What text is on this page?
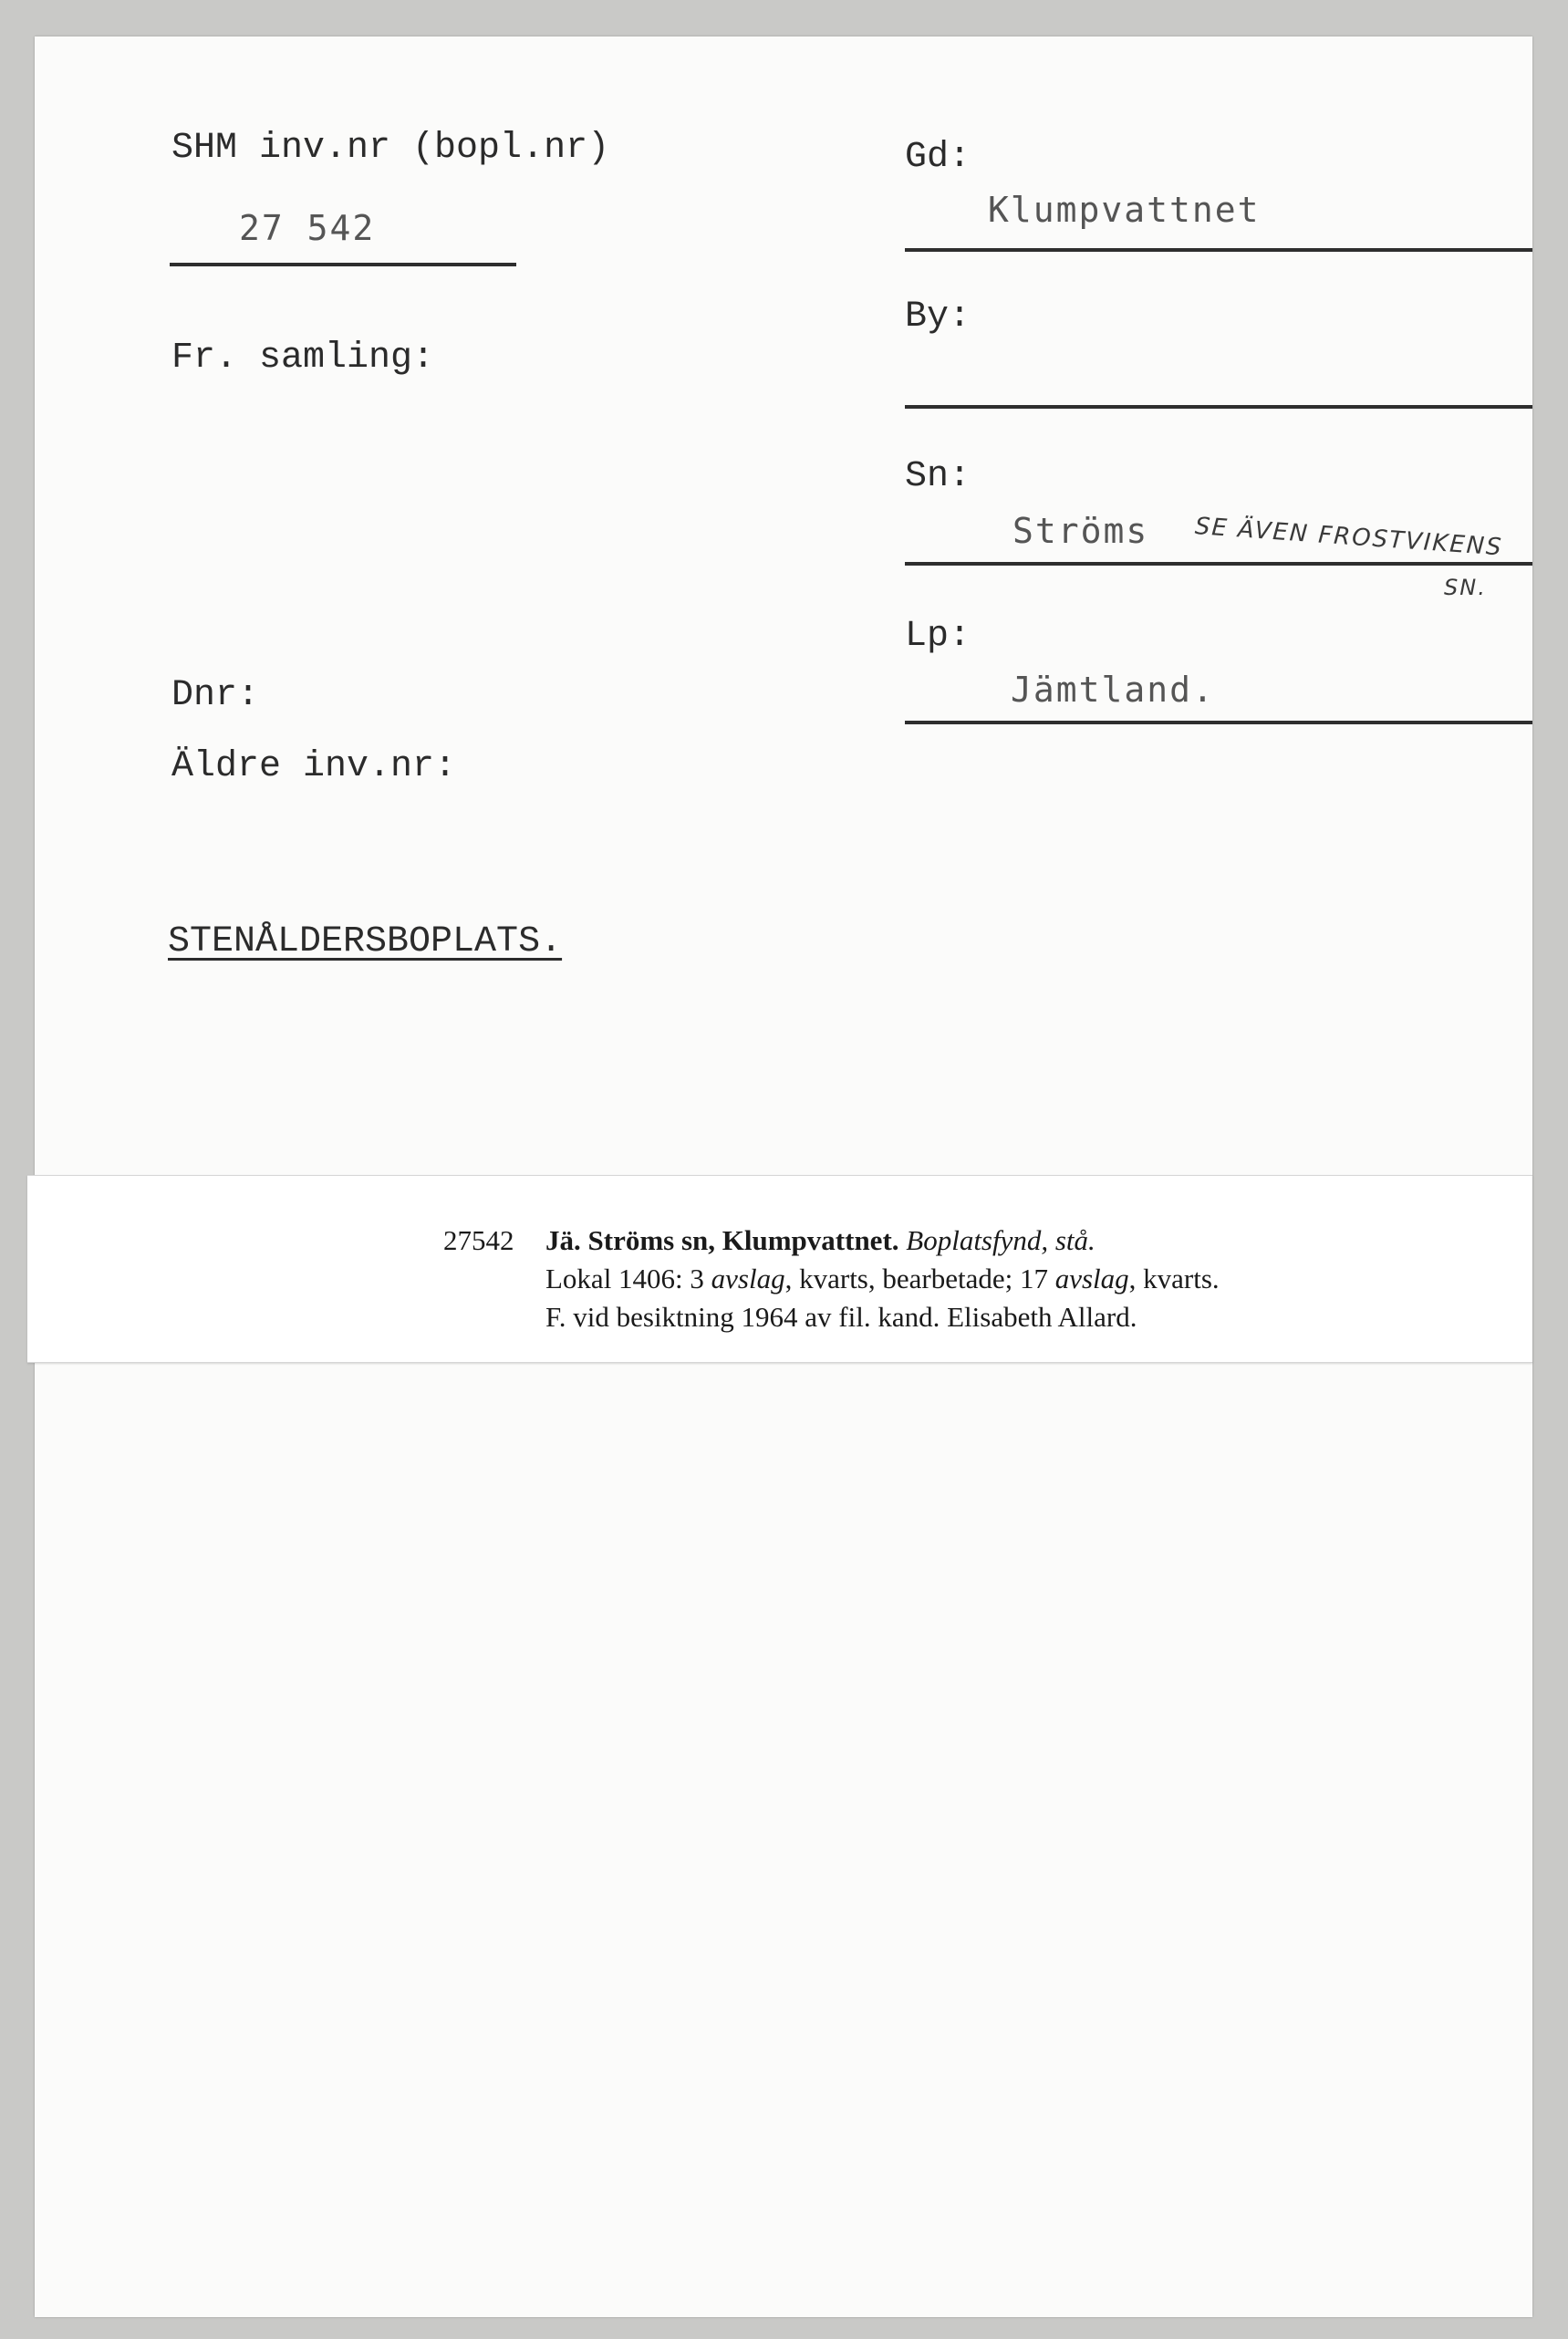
SHM inv.nr (bopl.nr)
27 542
Fr. samling:
Dnr:
Äldre inv.nr:
STENÅLDERSBOPLATS.
Gd:
Klumpvattnet
By:
Sn:
Ströms SE ÄVEN FROSTVIKENS
SN.
Lp:
Jämtland.
27542 Jä. Ströms sn, Klumpvattnet. Boplatsfynd, stå.
Lokal 1406: 3 avslag, kvarts, bearbetade; 17 avslag, kvarts.
F. vid besiktning 1964 av fil. kand. Elisabeth Allard.
